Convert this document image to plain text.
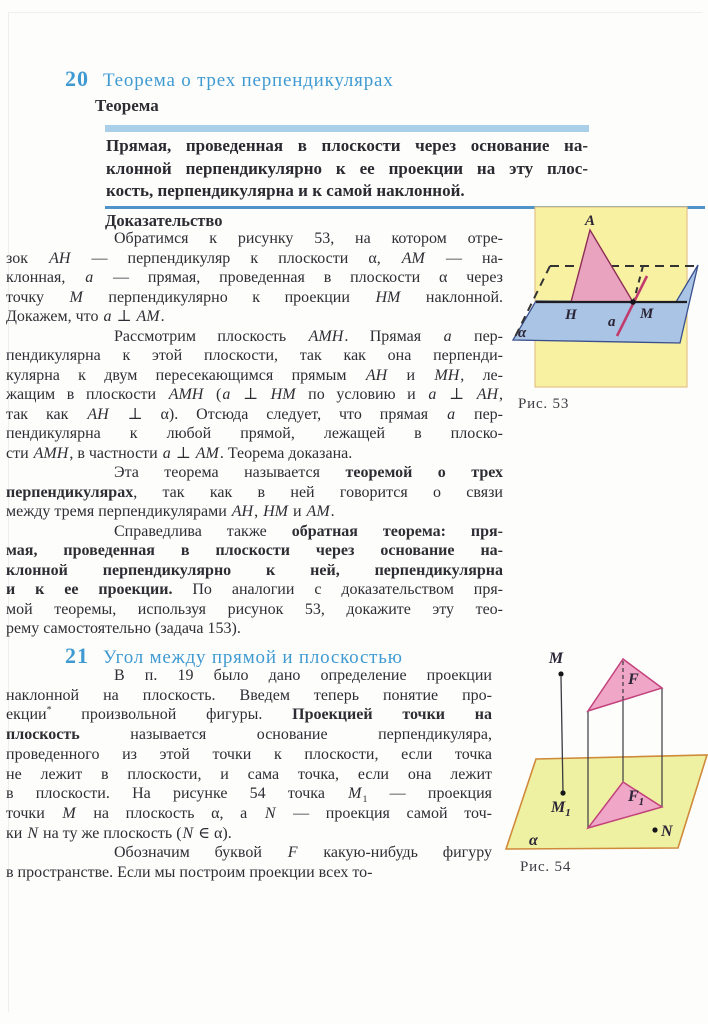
20 Теорема о трех перпендикулярах
Теорема
Прямая, проведенная в плоскости через основание на-
клонной перпендикулярно к ее проекции на эту плос-
кость, перпендикулярна и к самой наклонной.
Доказательство
Обратимся к рисунку 53, на котором отре-
зок AH — перпендикуляр к плоскости α, AM — на-
клонная, a — прямая, проведенная в плоскости α через
точку M перпендикулярно к проекции HM наклонной.
Докажем, что a ⊥ AM.
Рассмотрим плоскость AMH. Прямая a пер-
пендикулярна к этой плоскости, так как она перпенди-
кулярна к двум пересекающимся прямым AH и MH, ле-
жащим в плоскости AMH (a ⊥ HM по условию и a ⊥ AH,
так как AH ⊥ α). Отсюда следует, что прямая a пер-
пендикулярна к любой прямой, лежащей в плоско-
сти AMH, в частности a ⊥ AM. Теорема доказана.
Эта теорема называется теоремой о трех
перпендикулярах, так как в ней говорится о связи
между тремя перпендикулярами AH, HM и AM.
Справедлива также обратная теорема: пря-
мая, проведенная в плоскости через основание на-
клонной перпендикулярно к ней, перпендикулярна
и к ее проекции. По аналогии с доказательством пря-
мой теоремы, используя рисунок 53, докажите эту тео-
рему самостоятельно (задача 153).
A
H	M
a
α
Рис. 53
21 Угол между прямой и плоскостью
В п. 19 было дано определение проекции
наклонной на плоскость. Введем теперь понятие про-
екции* произвольной фигуры. Проекцией точки на
плоскость называется основание перпендикуляра,
проведенного из этой точки к плоскости, если точка
не лежит в плоскости, и сама точка, если она лежит
в плоскости. На рисунке 54 точка $M_1$ — проекция
точки M на плоскость α, а N — проекция самой точ-
ки N на ту же плоскость (N ∈ α).
Обозначим буквой F какую-нибудь фигуру
в пространстве. Если мы построим проекции всех то-
M
$M_1$
F
$F_1$
N
α
Рис. 54
